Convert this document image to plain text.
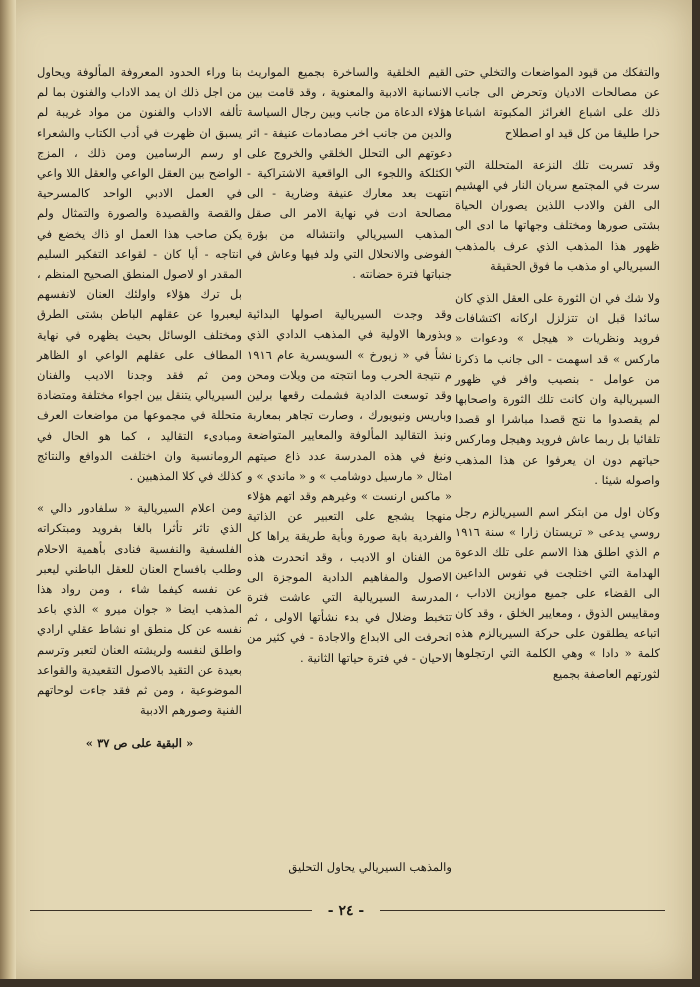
والتفكك من قيود المواضعات والتخلي حتى عن مصالحات الاديان وتحرض الى جانب ذلك على اشباع الغرائز المكبوتة اشباعا حرا طليقا من كل قيد او اصطلاح

وقد تسربت تلك النزعة المتحللة التي سرت في المجتمع سريان النار في الهشيم الى الفن والادب اللذين يصوران الحياة بشتى صورها ومختلف وجهاتها ما ادى الى ظهور هذا المذهب الذي عرف بالمذهب السيريالي او مذهب ما فوق الحقيقة

ولا شك في ان الثورة على العقل الذي كان سائدا قبل ان تتزلزل اركانه اكتشافات فرويد ونظريات « هيجل » ودعوات « ماركس » قد اسهمت - الى جانب ما ذكرنا من عوامل - بنصيب وافر في ظهور السيريالية وان كانت تلك الثورة واصحابها لم يقصدوا ما نتج قصدا مباشرا او قصدا تلقائيا بل ربما عاش فرويد وهيجل وماركس حياتهم دون ان يعرفوا عن هذا المذهب واصوله شيئا .

وكان اول من ابتكر اسم السيريالزم رجل روسي يدعى « تريستان زارا » سنة ١٩١٦ م الذي اطلق هذا الاسم على تلك الدعوة الهدامة التي اختلجت في نفوس الداعين الى القضاء على جميع موازين الاداب ، ومقاييس الذوق ، ومعايير الخلق ، وقد كان اتباعه يطلقون على حركة السيريالزم هذه كلمة « دادا » وهي الكلمة التي ارتجلوها لثورتهم العاصفة بجميع

القيم الخلقية والساخرة بجميع المواريث الانسانية الادبية والمعنوية ، وقد قامت بين هؤلاء الدعاة من جانب وبين رجال السياسة والدين من جانب اخر مصادمات عنيفة - اثر دعوتهم الى التحلل الخلقي والخروج على الكثلكة واللجوء الى الواقعية الاشتراكية - انتهت بعد معارك عنيفة وضارية - الى مصالحة ادت في نهاية الامر الى صقل المذهب السيريالي وانتشاله من بؤرة الفوضى والانحلال التي ولد فيها وعاش في جنباتها فترة حضانته .

وقد وجدت السيريالية اصولها البدائية وبذورها الاولية في المذهب الدادي الذي نشأ في « زيورخ » السويسرية عام ١٩١٦ م نتيجة الحرب وما انتجته من ويلات ومحن وقد توسعت الدادية فشملت رقعها برلين وباريس ونيويورك ، وصارت تجاهر بمعاربة ونبذ التقاليد المألوفة والمعايير المتواضعة ونبغ في هذه المدرسة عدد ذاع صيتهم امثال « مارسيل دوشامب » و « ماندي » و « ماكس ارنست » وغيرهم وقد اتهم هؤلاء منهجا يشجع على التعبير عن الذاتية والفردية باية صورة وبأية طريقة يراها كل من الفنان او الاديب ، وقد انحدرت هذه الاصول والمفاهيم الدادية الموجزة الى المدرسة السيريالية التي عاشت فترة تتخبط وضلال في بدء نشأتها الاولى ، ثم انحرفت الى الابداع والاجادة - في كثير من الاحيان - في فترة حياتها الثانية .

بنا وراء الحدود المعروفة المألوفة ويحاول من اجل ذلك ان يمد الاداب والفنون بما لم تألفه الاداب والفنون من مواد غريبة لم يسبق ان ظهرت في أدب الكتاب والشعراء او رسم الرسامين ومن ذلك ، المزج الواضح بين العقل الواعي والعقل اللا واعي في العمل الادبي الواحد كالمسرحية والقصة والقصيدة والصورة والتمثال ولم يكن صاحب هذا العمل او ذاك يخضع في انتاجه - أيا كان - لقواعد التفكير السليم المقدر او لاصول المنطق الصحيح المنظم ، بل ترك هؤلاء واولئك العنان لانفسهم ليعبروا عن عقلهم الباطن بشتى الطرق ومختلف الوسائل بحيث يظهره في نهاية المطاف على عقلهم الواعي او الظاهر ومن ثم فقد وجدنا الاديب والفنان السيريالي يتنقل بين اجواء مختلفة ومتضادة متحللة في مجموعها من مواضعات العرف ومبادىء التقاليد ، كما هو الحال في الرومانسية وان اختلفت الدوافع والنتائج كذلك في كلا المذهبين .

ومن اعلام السيريالية « سلفادور دالي » الذي تاثر تأثرا بالغا بفرويد ومبتكراته الفلسفية والنفسية فنادى بأهمية الاحلام وطلب بافساح العنان للعقل الباطني ليعبر عن نفسه كيفما شاء ، ومن رواد هذا المذهب ايضا « جوان ميرو » الذي باعد نفسه عن كل منطق او نشاط عقلي ارادي واطلق لنفسه ولريشته العنان لتعبر وترسم بعيدة عن التقيد بالاصول التقعيدية والقواعد الموضوعية ، ومن ثم فقد جاءت لوحاتهم الفنية وصورهم الادبية

« البقية على ص ٣٧ »
والمذهب السيريالي يحاول التحليق
- ٢٤ -
